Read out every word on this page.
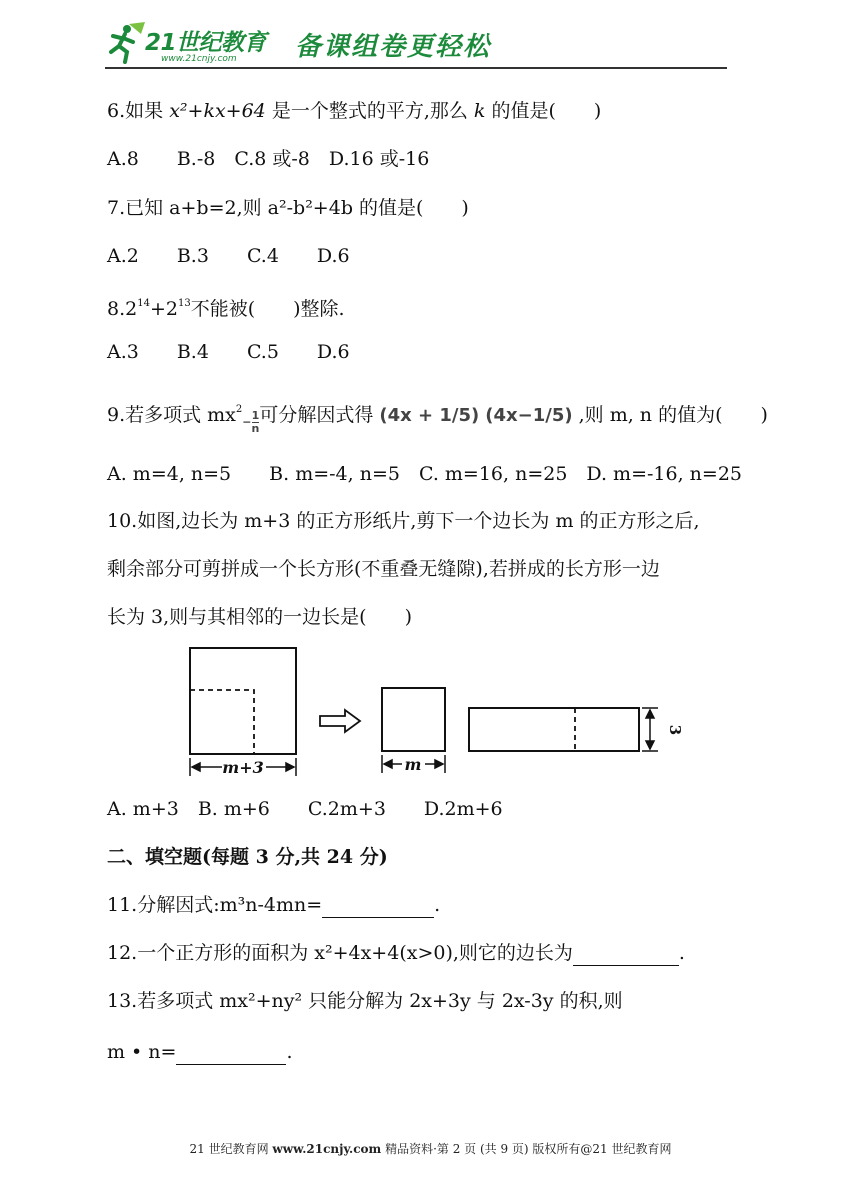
21世纪教育
www.21cnjy.com 备课组卷更轻松
6.如果 x²+kx+64 是一个整式的平方,那么 k 的值是(　　)
A.8　　B.-8　C.8 或-8　D.16 或-16
7.已知 a+b=2,则 a²-b²+4b 的值是(　　)
A.2　　B.3　　C.4　　D.6
$8.2^{14}+2^{13}$不能被(　　)整除.
A.3　　B.4　　C.5　　D.6
9.若多项式 $mx^2- \frac{1}{n}$ 可分解因式得 (4x + 1/5) (4x−1/5) ,则 m, n 的值为(　　)
A. m=4, n=5　　B. m=-4, n=5　C. m=16, n=25　D. m=-16, n=25
10.如图,边长为 m+3 的正方形纸片,剪下一个边长为 m 的正方形之后,
剩余部分可剪拼成一个长方形(不重叠无缝隙),若拼成的长方形一边
长为 3,则与其相邻的一边长是(　　)
m+3	m
3
A. m+3　B. m+6　　C.2m+3　　D.2m+6
二、填空题(每题 3 分,共 24 分)
11.分解因式:m³n-4mn=	.
12.一个正方形的面积为 x²+4x+4(x>0),则它的边长为	.
13.若多项式 mx²+ny² 只能分解为 2x+3y 与 2x-3y 的积,则
m • n=	.
21 世纪教育网 www.21cnjy.com 精品资料·第 2 页 (共 9 页) 版权所有@21 世纪教育网
